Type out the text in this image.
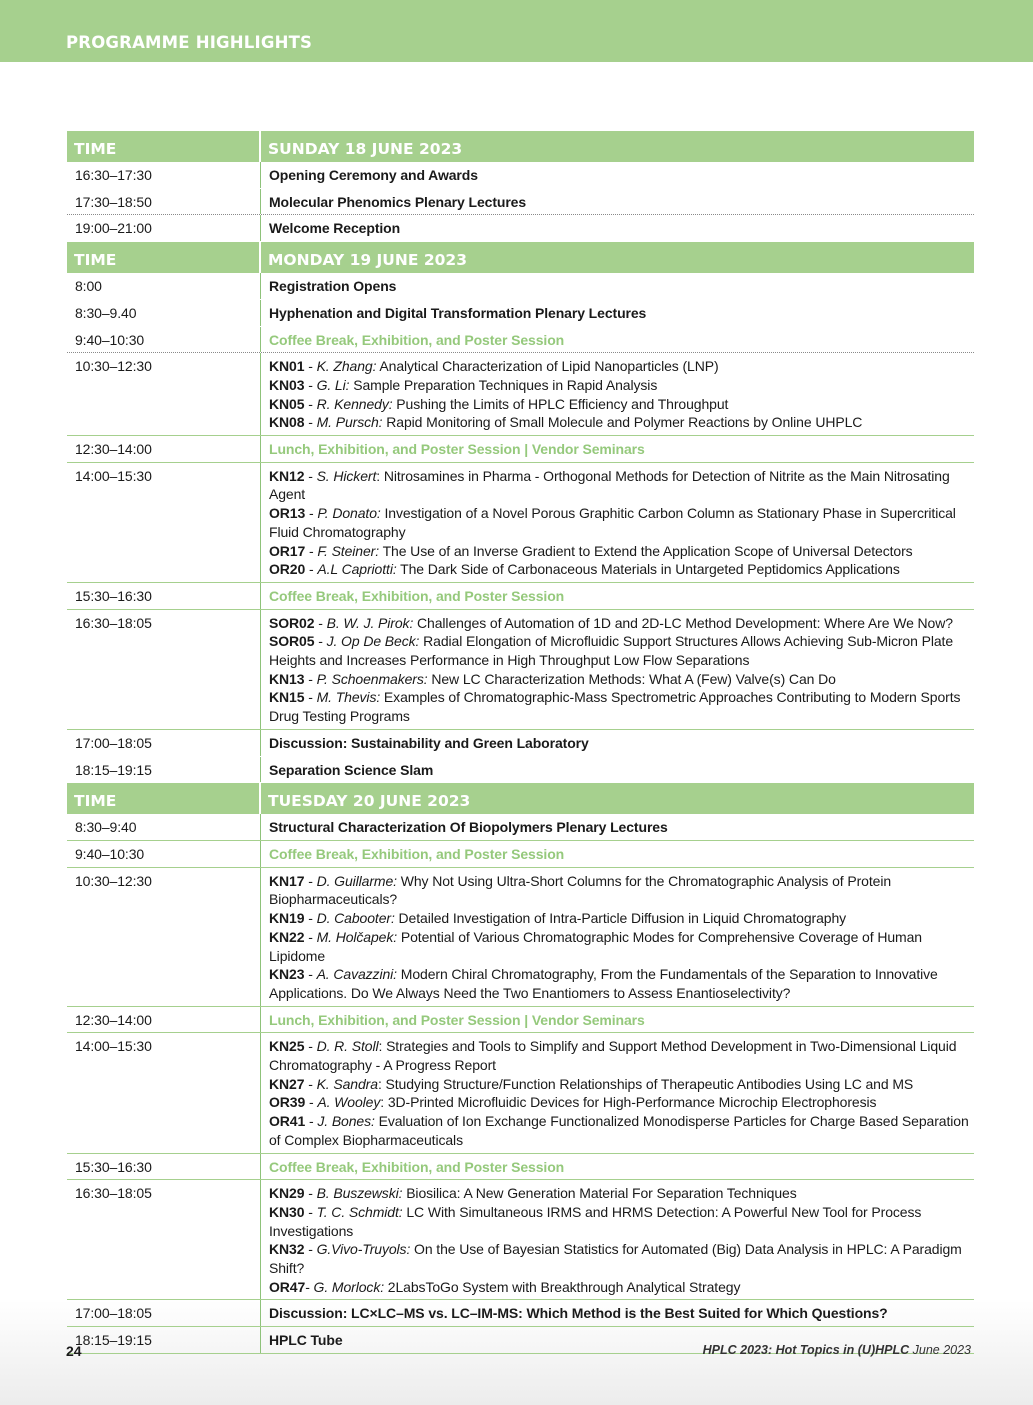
PROGRAMME HIGHLIGHTS
TIME	SUNDAY 18 JUNE 2023
16:30–17:30	Opening Ceremony and Awards
17:30–18:50	Molecular Phenomics Plenary Lectures
19:00–21:00	Welcome Reception
TIME	MONDAY 19 JUNE 2023
8:00	Registration Opens
8:30–9.40	Hyphenation and Digital Transformation Plenary Lectures
9:40–10:30	Coffee Break, Exhibition, and Poster Session
10:30–12:30	KN01 - K. Zhang: Analytical Characterization of Lipid Nanoparticles (LNP)
KN03 - G. Li: Sample Preparation Techniques in Rapid Analysis
KN05 - R. Kennedy: Pushing the Limits of HPLC Efficiency and Throughput
KN08 - M. Pursch: Rapid Monitoring of Small Molecule and Polymer Reactions by Online UHPLC
12:30–14:00	Lunch, Exhibition, and Poster Session | Vendor Seminars
14:00–15:30	KN12 - S. Hickert: Nitrosamines in Pharma - Orthogonal Methods for Detection of Nitrite as the Main Nitrosating Agent
OR13 - P. Donato: Investigation of a Novel Porous Graphitic Carbon Column as Stationary Phase in Supercritical Fluid Chromatography
OR17 - F. Steiner: The Use of an Inverse Gradient to Extend the Application Scope of Universal Detectors
OR20 - A.L Capriotti: The Dark Side of Carbonaceous Materials in Untargeted Peptidomics Applications
15:30–16:30	Coffee Break, Exhibition, and Poster Session
16:30–18:05	SOR02 - B. W. J. Pirok: Challenges of Automation of 1D and 2D-LC Method Development: Where Are We Now?
SOR05 - J. Op De Beck: Radial Elongation of Microfluidic Support Structures Allows Achieving Sub-Micron Plate Heights and Increases Performance in High Throughput Low Flow Separations
KN13 - P. Schoenmakers: New LC Characterization Methods: What A (Few) Valve(s) Can Do
KN15 - M. Thevis: Examples of Chromatographic-Mass Spectrometric Approaches Contributing to Modern Sports Drug Testing Programs
17:00–18:05	Discussion: Sustainability and Green Laboratory
18:15–19:15	Separation Science Slam
TIME	TUESDAY 20 JUNE 2023
8:30–9:40	Structural Characterization Of Biopolymers Plenary Lectures
9:40–10:30	Coffee Break, Exhibition, and Poster Session
10:30–12:30	KN17 - D. Guillarme: Why Not Using Ultra-Short Columns for the Chromatographic Analysis of Protein Biopharmaceuticals?
KN19 - D. Cabooter: Detailed Investigation of Intra-Particle Diffusion in Liquid Chromatography
KN22 - M. Holčapek: Potential of Various Chromatographic Modes for Comprehensive Coverage of Human Lipidome
KN23 - A. Cavazzini: Modern Chiral Chromatography, From the Fundamentals of the Separation to Innovative Applications. Do We Always Need the Two Enantiomers to Assess Enantioselectivity?
12:30–14:00	Lunch, Exhibition, and Poster Session | Vendor Seminars
14:00–15:30	KN25 - D. R. Stoll: Strategies and Tools to Simplify and Support Method Development in Two-Dimensional Liquid Chromatography - A Progress Report
KN27 - K. Sandra: Studying Structure/Function Relationships of Therapeutic Antibodies Using LC and MS
OR39 - A. Wooley: 3D-Printed Microfluidic Devices for High-Performance Microchip Electrophoresis
OR41 - J. Bones: Evaluation of Ion Exchange Functionalized Monodisperse Particles for Charge Based Separation of Complex Biopharmaceuticals
15:30–16:30	Coffee Break, Exhibition, and Poster Session
16:30–18:05	KN29 - B. Buszewski: Biosilica: A New Generation Material For Separation Techniques
KN30 - T. C. Schmidt: LC With Simultaneous IRMS and HRMS Detection: A Powerful New Tool for Process Investigations
KN32 - G.Vivo-Truyols: On the Use of Bayesian Statistics for Automated (Big) Data Analysis in HPLC: A Paradigm Shift?
OR47- G. Morlock: 2LabsToGo System with Breakthrough Analytical Strategy
17:00–18:05	Discussion: LC×LC–MS vs. LC–IM-MS: Which Method is the Best Suited for Which Questions?
18:15–19:15	HPLC Tube
24	HPLC 2023: Hot Topics in (U)HPLC June 2023
